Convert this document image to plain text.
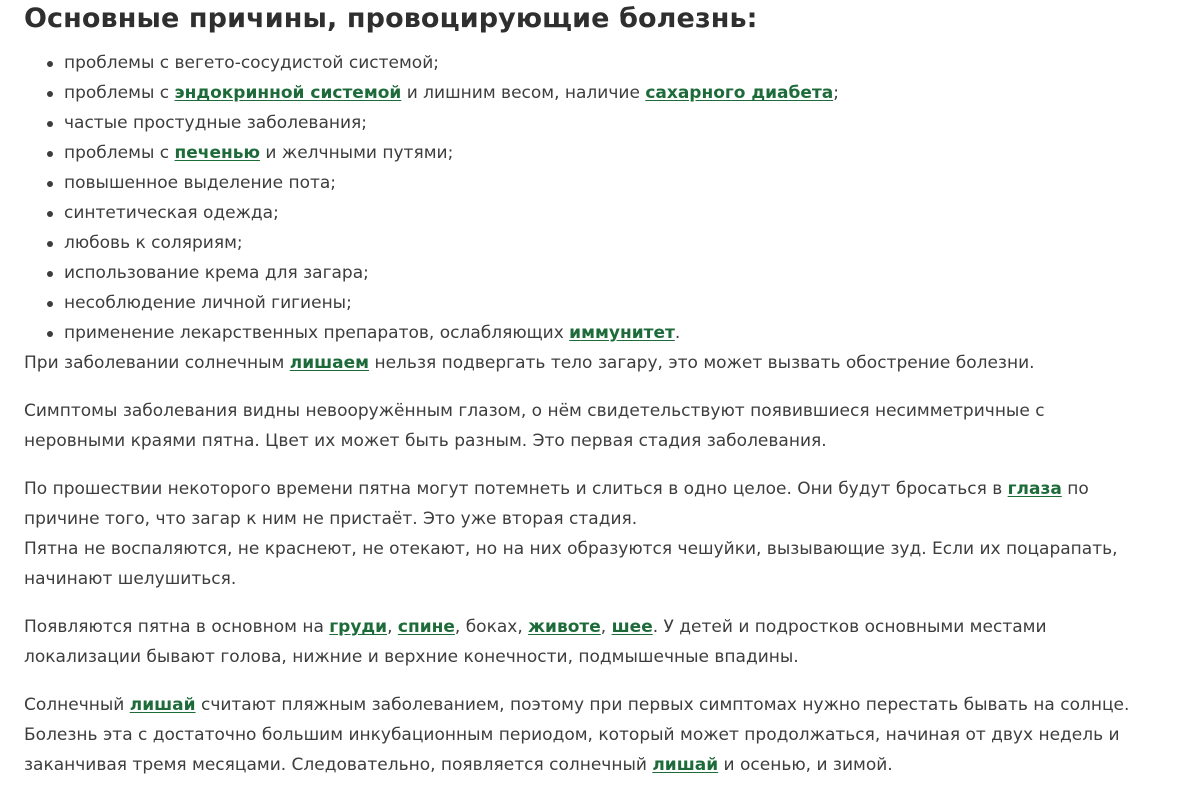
Основные причины, провоцирующие болезнь:
проблемы с вегето-сосудистой системой;
проблемы с эндокринной системой и лишним весом, наличие сахарного диабета;
частые простудные заболевания;
проблемы с печенью и желчными путями;
повышенное выделение пота;
синтетическая одежда;
любовь к соляриям;
использование крема для загара;
несоблюдение личной гигиены;
применение лекарственных препаратов, ослабляющих иммунитет.

При заболевании солнечным лишаем нельзя подвергать тело загару, это может вызвать обострение болезни.

Симптомы заболевания видны невооружённым глазом, о нём свидетельствуют появившиеся несимметричные с
неровными краями пятна. Цвет их может быть разным. Это первая стадия заболевания.

По прошествии некоторого времени пятна могут потемнеть и слиться в одно целое. Они будут бросаться в глаза по
причине того, что загар к ним не пристаёт. Это уже вторая стадия.
Пятна не воспаляются, не краснеют, не отекают, но на них образуются чешуйки, вызывающие зуд. Если их поцарапать,
начинают шелушиться.

Появляются пятна в основном на груди, спине, боках, животе, шее. У детей и подростков основными местами
локализации бывают голова, нижние и верхние конечности, подмышечные впадины.

Солнечный лишай считают пляжным заболеванием, поэтому при первых симптомах нужно перестать бывать на солнце.
Болезнь эта с достаточно большим инкубационным периодом, который может продолжаться, начиная от двух недель и
заканчивая тремя месяцами. Следовательно, появляется солнечный лишай и осенью, и зимой.
